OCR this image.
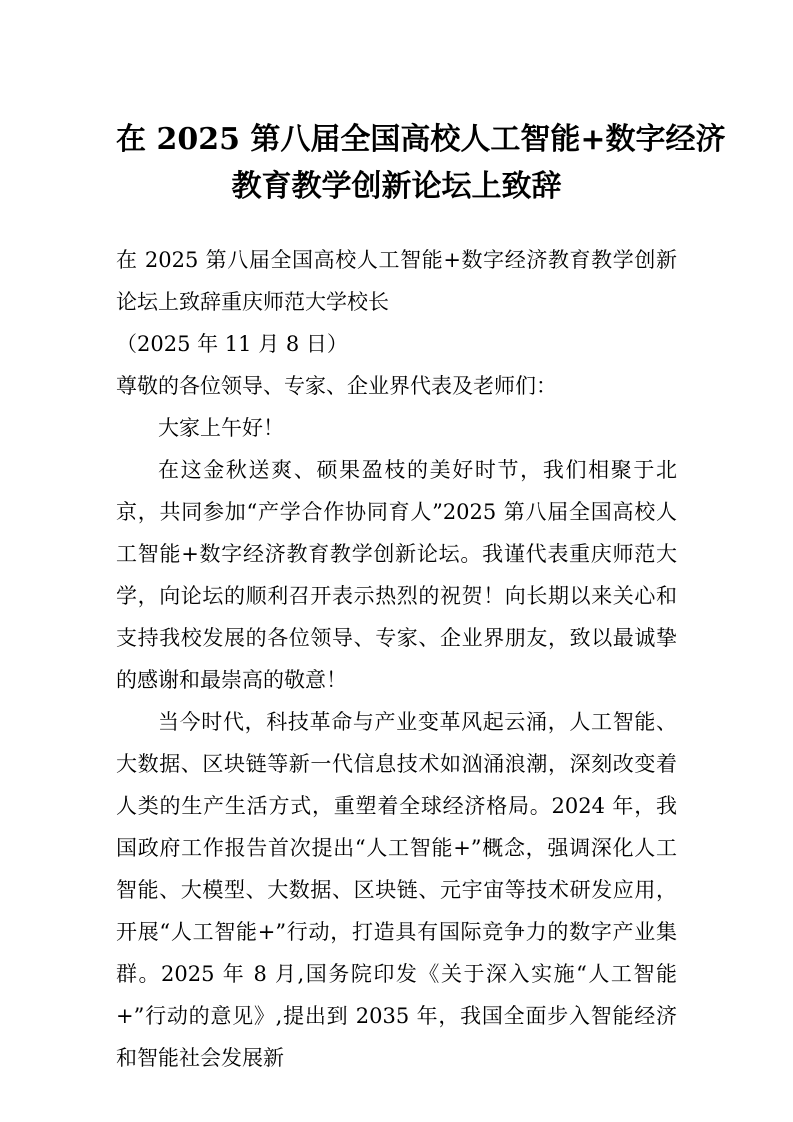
在 2025 第八届全国高校人工智能+数字经济
教育教学创新论坛上致辞

在 2025 第八届全国高校人工智能+数字经济教育教学创新论坛上致辞重庆师范大学校长

（2025 年 11 月 8 日）

尊敬的各位领导、专家、企业界代表及老师们：

大家上午好！

在这金秋送爽、硕果盈枝的美好时节，我们相聚于北京，共同参加“产学合作协同育人”2025 第八届全国高校人工智能+数字经济教育教学创新论坛。我谨代表重庆师范大学，向论坛的顺利召开表示热烈的祝贺！向长期以来关心和支持我校发展的各位领导、专家、企业界朋友，致以最诚挚的感谢和最崇高的敬意！

当今时代，科技革命与产业变革风起云涌，人工智能、大数据、区块链等新一代信息技术如汹涌浪潮，深刻改变着人类的生产生活方式，重塑着全球经济格局。2024 年，我国政府工作报告首次提出“人工智能+”概念，强调深化人工智能、大模型、大数据、区块链、元宇宙等技术研发应用，开展“人工智能+”行动，打造具有国际竞争力的数字产业集群。2025 年 8 月,国务院印发《关于深入实施“人工智能+”行动的意见》,提出到 2035 年，我国全面步入智能经济和智能社会发展新
